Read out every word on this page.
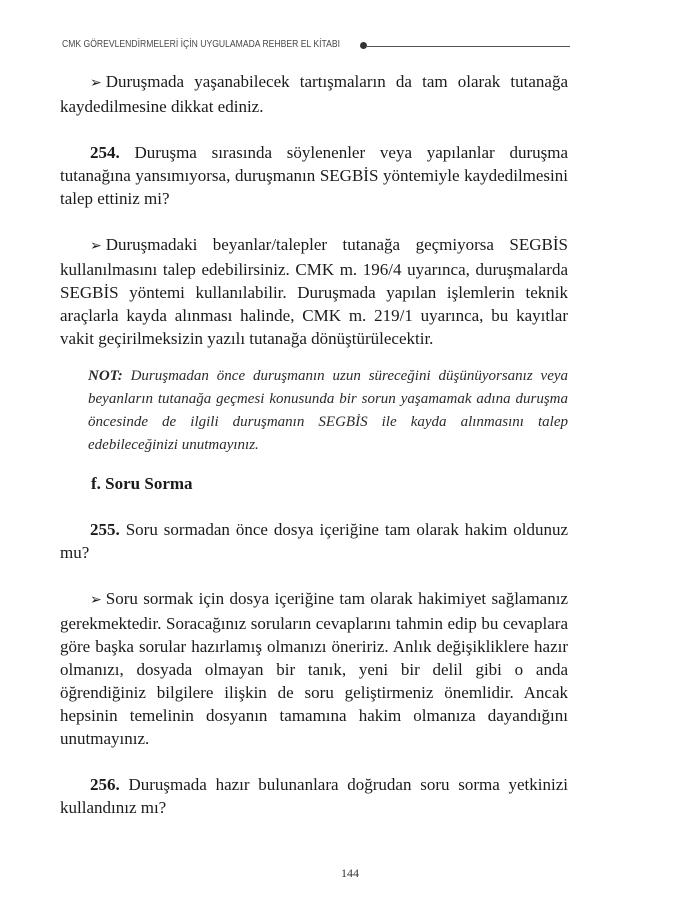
CMK GÖREVLENDİRMELERİ İÇİN UYGULAMADA REHBER EL KİTABI

➢ Duruşmada yaşanabilecek tartışmaların da tam olarak tutanağa kaydedilmesine dikkat ediniz.

254. Duruşma sırasında söylenenler veya yapılanlar duruşma tutanağına yansımıyorsa, duruşmanın SEGBİS yöntemiyle kaydedilmesini talep ettiniz mi?

➢ Duruşmadaki beyanlar/talepler tutanağa geçmiyorsa SEGBİS kullanılmasını talep edebilirsiniz. CMK m. 196/4 uyarınca, duruşmalarda SEGBİS yöntemi kullanılabilir. Duruşmada yapılan işlemlerin teknik araçlarla kayda alınması halinde, CMK m. 219/1 uyarınca, bu kayıtlar vakit geçirilmeksizin yazılı tutanağa dönüştürülecektir.

NOT: Duruşmadan önce duruşmanın uzun süreceğini düşünüyorsanız veya beyanların tutanağa geçmesi konusunda bir sorun yaşamamak adına duruşma öncesinde de ilgili duruşmanın SEGBİS ile kayda alınmasını talep edebileceğinizi unutmayınız.

f. Soru Sorma

255. Soru sormadan önce dosya içeriğine tam olarak hakim oldunuz mu?

➢ Soru sormak için dosya içeriğine tam olarak hakimiyet sağlamanız gerekmektedir. Soracağınız soruların cevaplarını tahmin edip bu cevaplara göre başka sorular hazırlamış olmanızı öneririz. Anlık değişikliklere hazır olmanızı, dosyada olmayan bir tanık, yeni bir delil gibi o anda öğrendiğiniz bilgilere ilişkin de soru geliştirmeniz önemlidir. Ancak hepsinin temelinin dosyanın tamamına hakim olmanıza dayandığını unutmayınız.

256. Duruşmada hazır bulunanlara doğrudan soru sorma yetkinizi kullandınız mı?

144
